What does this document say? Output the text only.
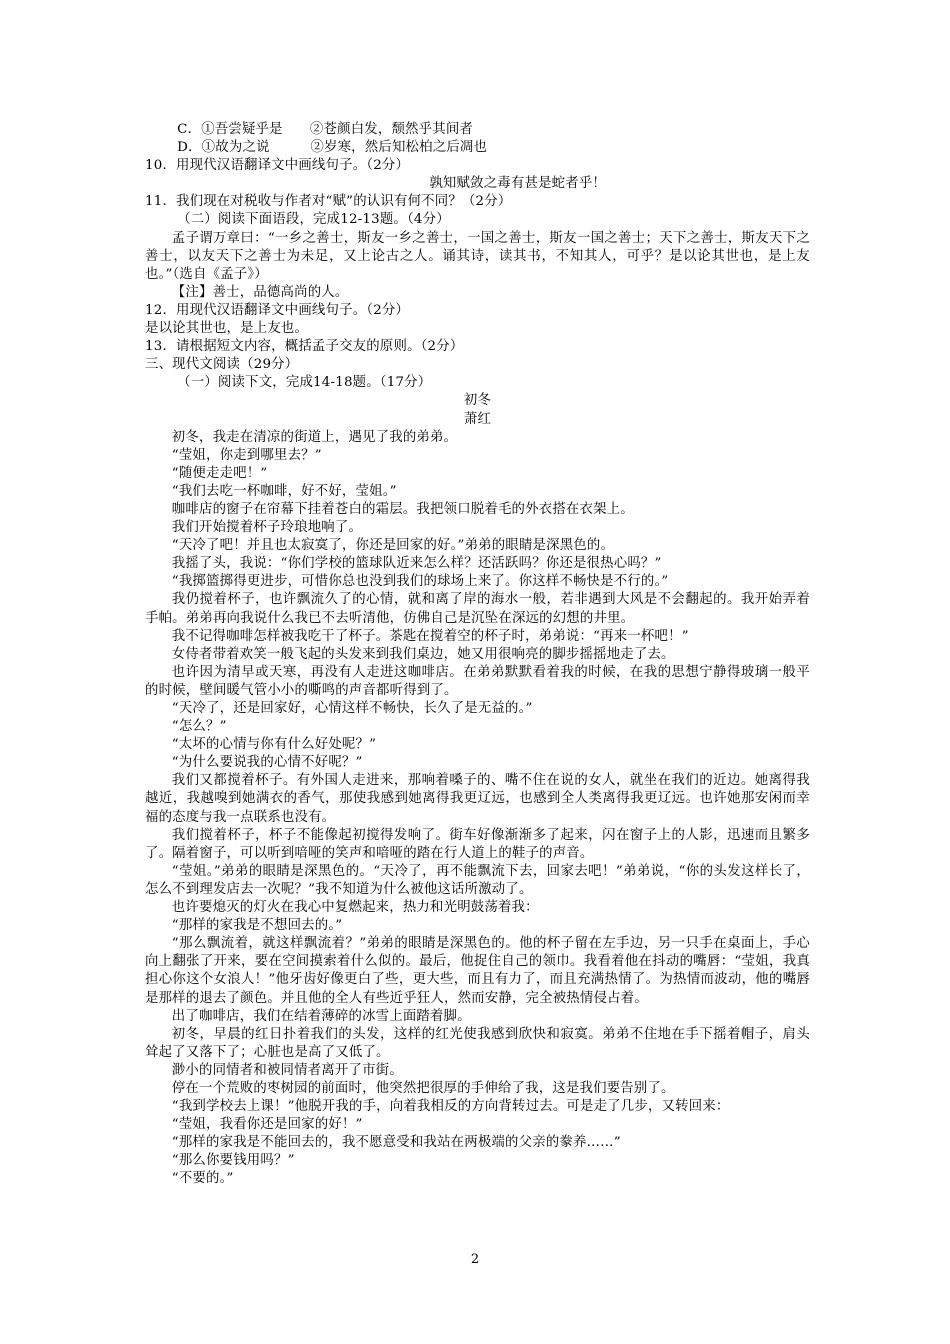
C．①吾尝疑乎是　　②苍颜白发，颓然乎其间者

D．①故为之说　　　②岁寒，然后知松柏之后凋也

10．用现代汉语翻译文中画线句子。（2分）

孰知赋敛之毒有甚是蛇者乎！

11．我们现在对税收与作者对“赋”的认识有何不同？（2分）

（二）阅读下面语段，完成12-13题。（4分）

孟子谓万章曰：“一乡之善士，斯友一乡之善士，一国之善士，斯友一国之善士；天下之善士，斯友天下之善士，以友天下之善士为未足，又上论古之人。诵其诗，读其书，不知其人，可乎？是以论其世也，是上友也。”（选自《孟子》）

【注】善士，品德高尚的人。

12．用现代汉语翻译文中画线句子。（2分）

是以论其世也，是上友也。

13．请根据短文内容，概括孟子交友的原则。（2分）

三、现代文阅读（29分）

（一）阅读下文，完成14-18题。（17分）

初冬

萧红

初冬，我走在清凉的街道上，遇见了我的弟弟。

“莹姐，你走到哪里去？”

“随便走走吧！”

“我们去吃一杯咖啡，好不好，莹姐。”

咖啡店的窗子在帘幕下挂着苍白的霜层。我把领口脱着毛的外衣搭在衣架上。

我们开始搅着杯子玲琅地响了。

“天冷了吧！并且也太寂寞了，你还是回家的好。”弟弟的眼睛是深黑色的。

我摇了头，我说：“你们学校的篮球队近来怎么样？还活跃吗？你还是很热心吗？”

“我掷篮掷得更进步，可惜你总也没到我们的球场上来了。你这样不畅快是不行的。”

我仍搅着杯子，也许飘流久了的心情，就和离了岸的海水一般，若非遇到大风是不会翻起的。我开始弄着手帕。弟弟再向我说什么我已不去听清他，仿佛自己是沉坠在深远的幻想的井里。

我不记得咖啡怎样被我吃干了杯子。茶匙在搅着空的杯子时，弟弟说：“再来一杯吧！”

女侍者带着欢笑一般飞起的头发来到我们桌边，她又用很响亮的脚步摇摇地走了去。

也许因为清早或天寒，再没有人走进这咖啡店。在弟弟默默看着我的时候，在我的思想宁静得玻璃一般平的时候，壁间暖气管小小的嘶鸣的声音都听得到了。

“天冷了，还是回家好，心情这样不畅快，长久了是无益的。”

“怎么？”

“太坏的心情与你有什么好处呢？”

“为什么要说我的心情不好呢？”

我们又都搅着杯子。有外国人走进来，那响着嗓子的、嘴不住在说的女人，就坐在我们的近边。她离得我越近，我越嗅到她满衣的香气，那使我感到她离得我更辽远，也感到全人类离得我更辽远。也许她那安闲而幸福的态度与我一点联系也没有。

我们搅着杯子，杯子不能像起初搅得发响了。街车好像渐渐多了起来，闪在窗子上的人影，迅速而且繁多了。隔着窗子，可以听到喑哑的笑声和喑哑的踏在行人道上的鞋子的声音。

“莹姐。”弟弟的眼睛是深黑色的。“天冷了，再不能飘流下去，回家去吧！”弟弟说，“你的头发这样长了，怎么不到理发店去一次呢？”我不知道为什么被他这话所激动了。

也许要熄灭的灯火在我心中复燃起来，热力和光明鼓荡着我：

“那样的家我是不想回去的。”

“那么飘流着，就这样飘流着？”弟弟的眼睛是深黑色的。他的杯子留在左手边，另一只手在桌面上，手心向上翻张了开来，要在空间摸索着什么似的。最后，他捉住自己的领巾。我看着他在抖动的嘴唇：“莹姐，我真担心你这个女浪人！”他牙齿好像更白了些，更大些，而且有力了，而且充满热情了。为热情而波动，他的嘴唇是那样的退去了颜色。并且他的全人有些近乎狂人，然而安静，完全被热情侵占着。

出了咖啡店，我们在结着薄碎的冰雪上面踏着脚。

初冬，早晨的红日扑着我们的头发，这样的红光使我感到欣快和寂寞。弟弟不住地在手下摇着帽子，肩头耸起了又落下了；心脏也是高了又低了。

渺小的同情者和被同情者离开了市街。

停在一个荒败的枣树园的前面时，他突然把很厚的手伸给了我，这是我们要告别了。

“我到学校去上课！”他脱开我的手，向着我相反的方向背转过去。可是走了几步，又转回来：

“莹姐，我看你还是回家的好！”

“那样的家我是不能回去的，我不愿意受和我站在两极端的父亲的豢养……”

“那么你要钱用吗？”

“不要的。”

2
